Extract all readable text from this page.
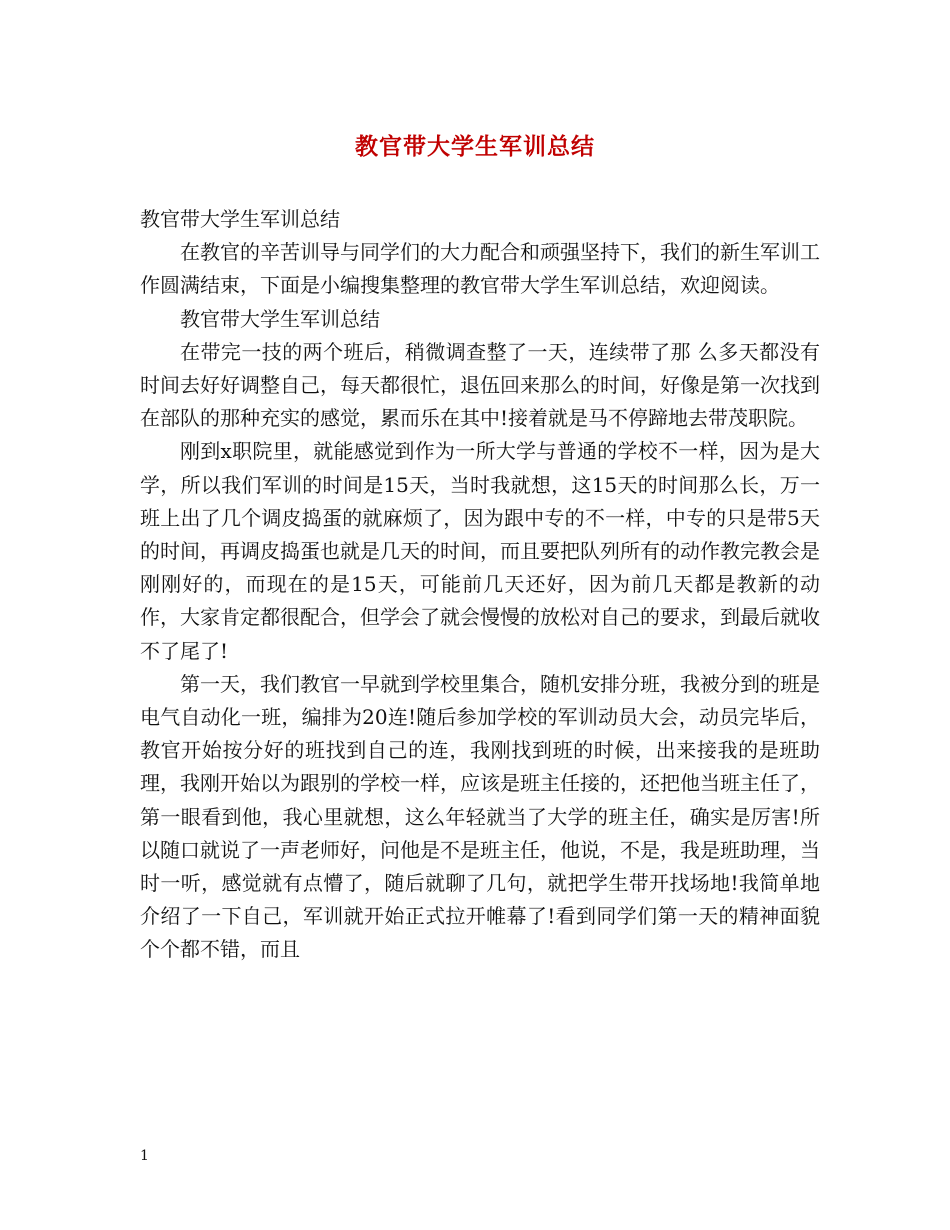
教官带大学生军训总结

教官带大学生军训总结

在教官的辛苦训导与同学们的大力配合和顽强坚持下，我们的新生军训工作圆满结束，下面是小编搜集整理的教官带大学生军训总结，欢迎阅读。

教官带大学生军训总结

在带完一技的两个班后，稍微调查整了一天，连续带了那 么多天都没有时间去好好调整自己，每天都很忙，退伍回来那么的时间，好像是第一次找到在部队的那种充实的感觉，累而乐在其中!接着就是马不停蹄地去带茂职院。

刚到x职院里，就能感觉到作为一所大学与普通的学校不一样，因为是大学，所以我们军训的时间是15天，当时我就想，这15天的时间那么长，万一班上出了几个调皮捣蛋的就麻烦了，因为跟中专的不一样，中专的只是带5天的时间，再调皮捣蛋也就是几天的时间，而且要把队列所有的动作教完教会是刚刚好的，而现在的是15天，可能前几天还好，因为前几天都是教新的动作，大家肯定都很配合，但学会了就会慢慢的放松对自己的要求，到最后就收不了尾了!

第一天，我们教官一早就到学校里集合，随机安排分班，我被分到的班是电气自动化一班，编排为20连!随后参加学校的军训动员大会，动员完毕后，教官开始按分好的班找到自己的连，我刚找到班的时候，出来接我的是班助理，我刚开始以为跟别的学校一样，应该是班主任接的，还把他当班主任了，第一眼看到他，我心里就想，这么年轻就当了大学的班主任，确实是厉害!所以随口就说了一声老师好，问他是不是班主任，他说，不是，我是班助理，当时一听，感觉就有点懵了，随后就聊了几句，就把学生带开找场地!我简单地介绍了一下自己，军训就开始正式拉开帷幕了!看到同学们第一天的精神面貌个个都不错，而且

1
